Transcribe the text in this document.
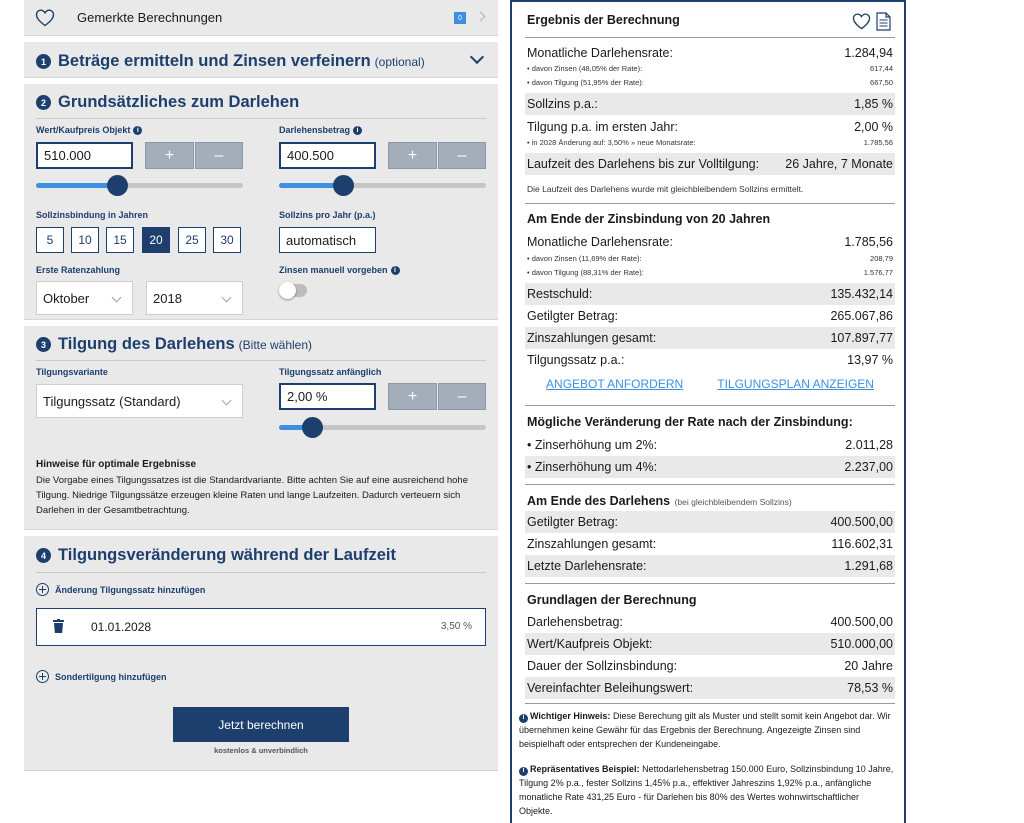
Gemerkte Berechnungen	0
1 Beträge ermitteln und Zinsen verfeinern (optional)
2 Grundsätzliches zum Darlehen
Wert/Kaufpreis Objekt i
510.000	+	–
Darlehensbetrag i
400.500	+	–
Sollzinsbindung in Jahren
5	10	15	20	25	30
Sollzins pro Jahr (p.a.)
automatisch
Erste Ratenzahlung
Oktober	2018
Zinsen manuell vorgeben i
3 Tilgung des Darlehens (Bitte wählen)
Tilgungsvariante
Tilgungssatz (Standard)
Tilgungssatz anfänglich
2,00 %	+	–
Hinweise für optimale Ergebnisse
Die Vorgabe eines Tilgungssatzes ist die Standardvariante. Bitte achten Sie auf eine ausreichend hohe Tilgung. Niedrige Tilgungssätze erzeugen kleine Raten und lange Laufzeiten. Dadurch verteuern sich Darlehen in der Gesamtbetrachtung.
4 Tilgungsveränderung während der Laufzeit
Änderung Tilgungssatz hinzufügen
01.01.2028	3,50 %
Sondertilgung hinzufügen
Jetzt berechnen
kostenlos & unverbindlich
Ergebnis der Berechnung
Monatliche Darlehensrate:	1.284,94
• davon Zinsen (48,05% der Rate):	617,44
• davon Tilgung (51,95% der Rate):	667,50
Sollzins p.a.:	1,85 %
Tilgung p.a. im ersten Jahr:	2,00 %
• in 2028 Änderung auf: 3,50% » neue Monatsrate:	1.785,56
Laufzeit des Darlehens bis zur Volltilgung: 26 Jahre, 7 Monate
Die Laufzeit des Darlehens wurde mit gleichbleibendem Sollzins ermittelt.
Am Ende der Zinsbindung von 20 Jahren
Monatliche Darlehensrate:	1.785,56
• davon Zinsen (11,69% der Rate):	208,79
• davon Tilgung (88,31% der Rate):	1.576,77
Restschuld:	135.432,14
Getilgter Betrag:	265.067,86
Zinszahlungen gesamt:	107.897,77
Tilgungssatz p.a.:	13,97 %
ANGEBOT ANFORDERN	TILGUNGSPLAN ANZEIGEN
Mögliche Veränderung der Rate nach der Zinsbindung:
• Zinserhöhung um 2%:	2.011,28
• Zinserhöhung um 4%:	2.237,00
Am Ende des Darlehens (bei gleichbleibendem Sollzins)
Getilgter Betrag:	400.500,00
Zinszahlungen gesamt:	116.602,31
Letzte Darlehensrate:	1.291,68
Grundlagen der Berechnung
Darlehensbetrag:	400.500,00
Wert/Kaufpreis Objekt:	510.000,00
Dauer der Sollzinsbindung:	20 Jahre
Vereinfachter Beleihungswert:	78,53 %
i Wichtiger Hinweis: Diese Berechung gilt als Muster und stellt somit kein Angebot dar. Wir übernehmen keine Gewähr für das Ergebnis der Berechnung. Angezeigte Zinsen sind beispielhaft oder entsprechen der Kundeneingabe.
i Repräsentatives Beispiel: Nettodarlehensbetrag 150.000 Euro, Sollzinsbindung 10 Jahre, Tilgung 2% p.a., fester Sollzins 1,45% p.a., effektiver Jahreszins 1,92% p.a., anfängliche monatliche Rate 431,25 Euro - für Darlehen bis 80% des Wertes wohnwirtschaftlicher Objekte.
